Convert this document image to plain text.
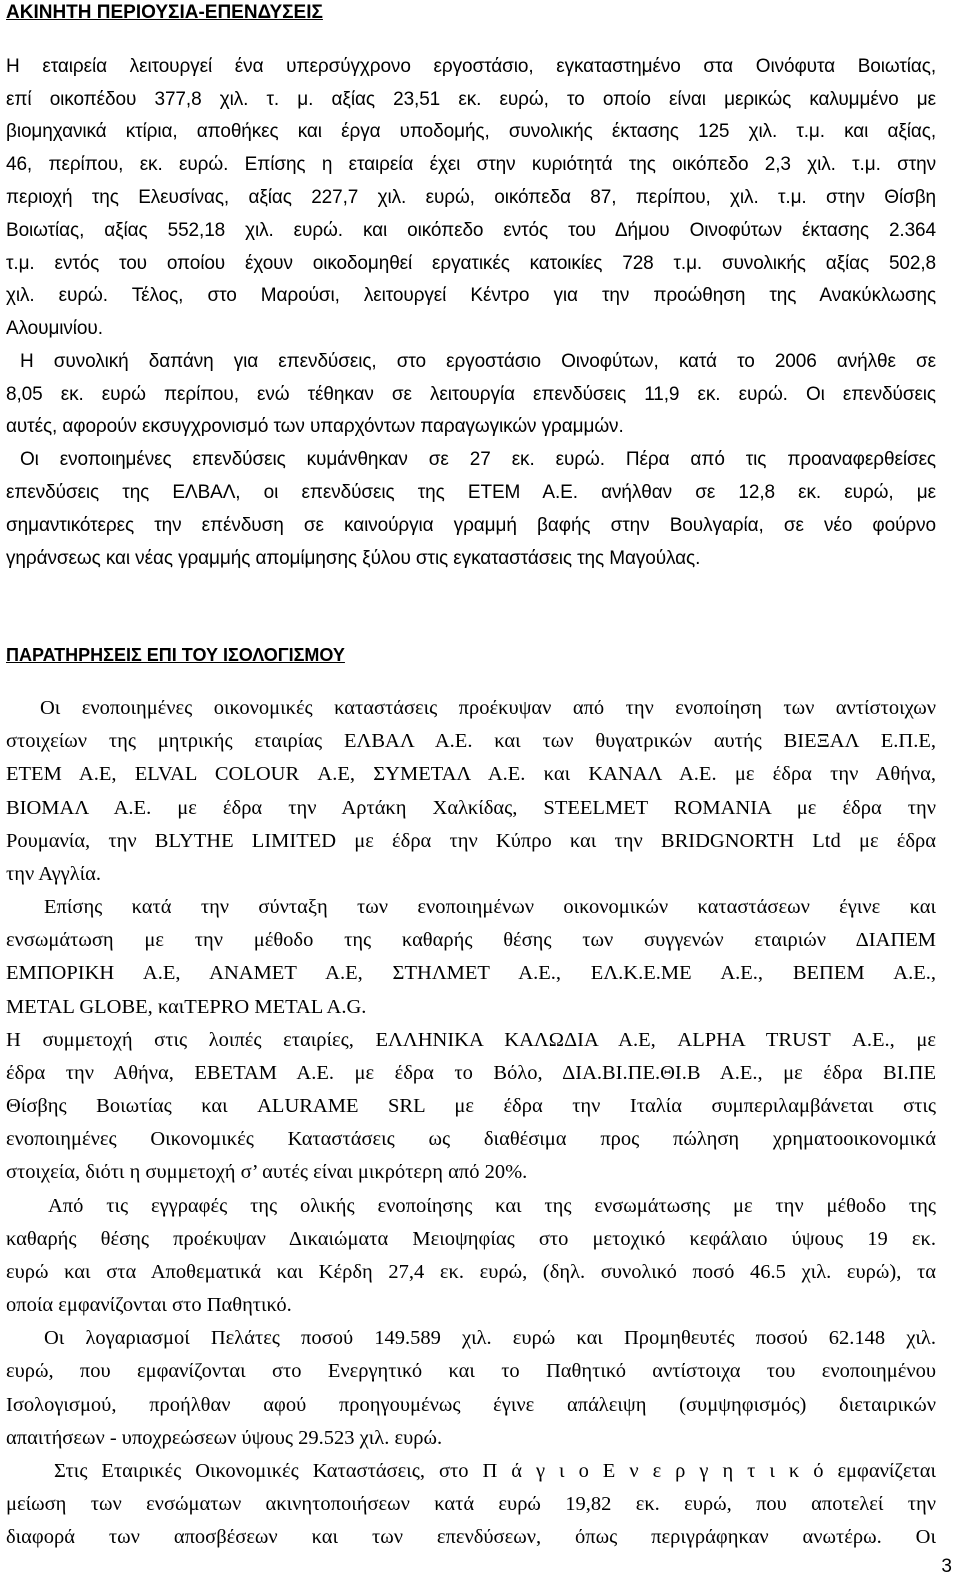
ΑΚΙΝΗΤΗ ΠΕΡΙΟΥΣΙΑ-ΕΠΕΝΔΥΣΕΙΣ
Η εταιρεία λειτουργεί ένα υπερσύγχρονο εργοστάσιο, εγκαταστημένο στα Οινόφυτα Βοιωτίας,
επί οικοπέδου 377,8 χιλ. τ. μ. αξίας 23,51 εκ. ευρώ, το οποίο είναι μερικώς καλυμμένο με
βιομηχανικά κτίρια, αποθήκες και έργα υποδομής, συνολικής έκτασης 125 χιλ. τ.μ. και αξίας,
46, περίπου, εκ. ευρώ. Επίσης η εταιρεία έχει στην κυριότητά της οικόπεδο 2,3 χιλ. τ.μ. στην
περιοχή της Ελευσίνας, αξίας 227,7 χιλ. ευρώ, οικόπεδα 87, περίπου, χιλ. τ.μ. στην Θίσβη
Βοιωτίας, αξίας 552,18 χιλ. ευρώ. και οικόπεδο εντός του Δήμου Οινοφύτων έκτασης 2.364
τ.μ. εντός του οποίου έχουν οικοδομηθεί εργατικές κατοικίες 728 τ.μ. συνολικής αξίας 502,8
χιλ. ευρώ. Τέλος, στο Μαρούσι, λειτουργεί Κέντρο για την προώθηση της Ανακύκλωσης
Αλουμινίου.
Η συνολική δαπάνη για επενδύσεις, στο εργοστάσιο Οινοφύτων, κατά το 2006 ανήλθε σε
8,05 εκ. ευρώ περίπου, ενώ τέθηκαν σε λειτουργία επενδύσεις 11,9 εκ. ευρώ. Οι επενδύσεις
αυτές, αφορούν εκσυγχρονισμό των υπαρχόντων παραγωγικών γραμμών.
Οι ενοποιημένες επενδύσεις κυμάνθηκαν σε 27 εκ. ευρώ. Πέρα από τις προαναφερθείσες
επενδύσεις της ΕΛΒΑΛ, οι επενδύσεις της ΕΤΕΜ Α.Ε. ανήλθαν σε 12,8 εκ. ευρώ, με
σημαντικότερες την επένδυση σε καινούργια γραμμή βαφής στην Βουλγαρία, σε νέο φούρνο
γηράνσεως και νέας γραμμής απομίμησης ξύλου στις εγκαταστάσεις της Μαγούλας.
ΠΑΡΑΤΗΡΗΣΕΙΣ ΕΠΙ ΤΟΥ ΙΣΟΛΟΓΙΣΜΟΥ
Οι ενοποιημένες οικονομικές καταστάσεις προέκυψαν από την ενοποίηση των αντίστοιχων
στοιχείων της μητρικής εταιρίας ΕΛΒΑΛ Α.Ε. και των θυγατρικών αυτής ΒΙΕΞΑΛ Ε.Π.Ε,
ΕΤΕΜ Α.Ε, ELVAL COLOUR Α.Ε, ΣΥΜΕΤΑΛ Α.Ε. και ΚΑΝΑΛ Α.Ε. με έδρα την Αθήνα,
ΒΙΟΜΑΛ Α.Ε. με έδρα την Αρτάκη Χαλκίδας, STEELMET ROMANIA με έδρα την
Ρουμανία, την BLYTHE LIMITED με έδρα την Κύπρο και την BRIDGNORTH Ltd με έδρα
την Αγγλία.
Επίσης κατά την σύνταξη των ενοποιημένων οικονομικών καταστάσεων έγινε και
ενσωμάτωση με την μέθοδο της καθαρής θέσης των συγγενών εταιριών ΔΙΑΠΕΜ
ΕΜΠΟΡΙΚΗ Α.Ε, ΑΝΑΜΕΤ Α.Ε, ΣΤΗΛΜΕΤ Α.Ε., ΕΛ.Κ.Ε.ΜΕ Α.Ε., ΒΕΠΕΜ Α.Ε.,
METAL GLOBE, καιTEPRO METAL A.G.
Η συμμετοχή στις λοιπές εταιρίες, ΕΛΛΗΝΙΚΑ ΚΑΛΩΔΙΑ Α.Ε, ALPHA TRUST Α.Ε., με
έδρα την Αθήνα, ΕΒΕΤΑΜ Α.Ε. με έδρα το Βόλο, ΔΙΑ.ΒΙ.ΠΕ.ΘΙ.Β Α.Ε., με έδρα ΒΙ.ΠΕ
Θίσβης Βοιωτίας και ALURAME SRL με έδρα την Ιταλία συμπεριλαμβάνεται στις
ενοποιημένες Οικονομικές Καταστάσεις ως διαθέσιμα προς πώληση χρηματοοικονομικά
στοιχεία, διότι η συμμετοχή σ’ αυτές είναι μικρότερη από 20%.
Από τις εγγραφές της ολικής ενοποίησης και της ενσωμάτωσης με την μέθοδο της
καθαρής θέσης προέκυψαν Δικαιώματα Μειοψηφίας στο μετοχικό κεφάλαιο ύψους 19 εκ.
ευρώ και στα Αποθεματικά και Κέρδη 27,4 εκ. ευρώ, (δηλ. συνολικό ποσό 46.5 χιλ. ευρώ), τα
οποία εμφανίζονται στο Παθητικό.
Οι λογαριασμοί Πελάτες ποσού 149.589 χιλ. ευρώ και Προμηθευτές ποσού 62.148 χιλ.
ευρώ, που εμφανίζονται στο Ενεργητικό και το Παθητικό αντίστοιχα του ενοποιημένου
Ισολογισμού, προήλθαν αφού προηγουμένως έγινε απάλειψη (συμψηφισμός) διεταιρικών
απαιτήσεων - υποχρεώσεων ύψους 29.523 χιλ. ευρώ.
Στις Εταιρικές Οικονομικές Καταστάσεις, στο Π ά γ ι ο Ε ν ε ρ γ η τ ι κ ό εμφανίζεται
μείωση των ενσώματων ακινητοποιήσεων κατά ευρώ 19,82 εκ. ευρώ, που αποτελεί την
διαφορά των αποσβέσεων και των επενδύσεων, όπως περιγράφηκαν ανωτέρω. Οι
3
